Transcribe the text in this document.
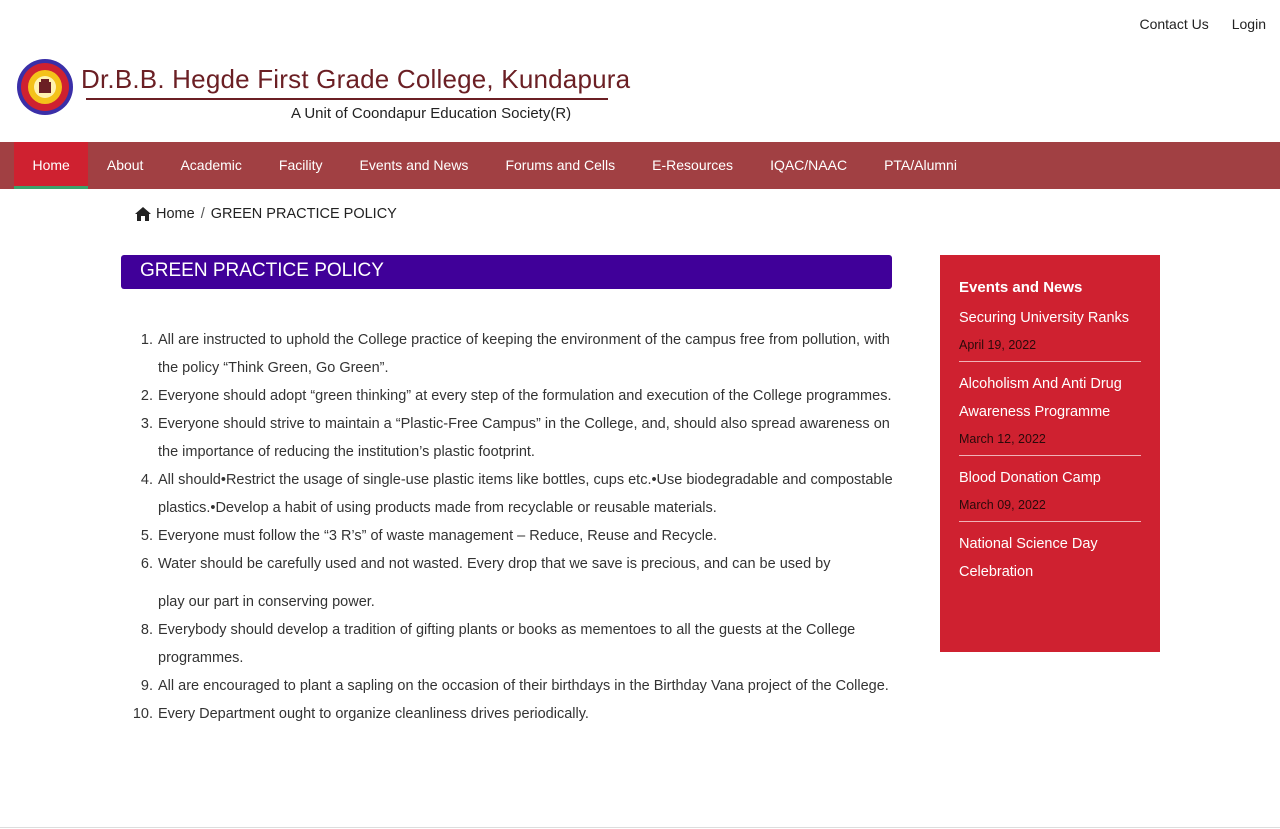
Contact Us Login
Dr.B.B. Hegde First Grade College, Kundapura
A Unit of Coondapur Education Society(R)
Home	About	Academic	Facility	Events and News	Forums and Cells	E-Resources	IQAC/NAAC	PTA/Alumni
Home / GREEN PRACTICE POLICY
GREEN PRACTICE POLICY
1. All are instructed to uphold the College practice of keeping the environment of the campus free from pollution, with the policy “Think Green, Go Green”.
2. Everyone should adopt “green thinking” at every step of the formulation and execution of the College programmes.
3. Everyone should strive to maintain a “Plastic-Free Campus” in the College, and, should also spread awareness on the importance of reducing the institution’s plastic footprint.
4. All should•Restrict the usage of single-use plastic items like bottles, cups etc.•Use biodegradable and compostable plastics.•Develop a habit of using products made from recyclable or reusable materials.
5. Everyone must follow the “3 R’s” of waste management – Reduce, Reuse and Recycle.
6. Water should be carefully used and not wasted. Every drop that we save is precious, and can be used by
play our part in conserving power.
8. Everybody should develop a tradition of gifting plants or books as mementoes to all the guests at the College programmes.
9. All are encouraged to plant a sapling on the occasion of their birthdays in the Birthday Vana project of the College.
10. Every Department ought to organize cleanliness drives periodically.
Events and News
Securing University Ranks
April 19, 2022
Alcoholism And Anti Drug Awareness Programme
March 12, 2022
Blood Donation Camp
March 09, 2022
National Science Day Celebration
